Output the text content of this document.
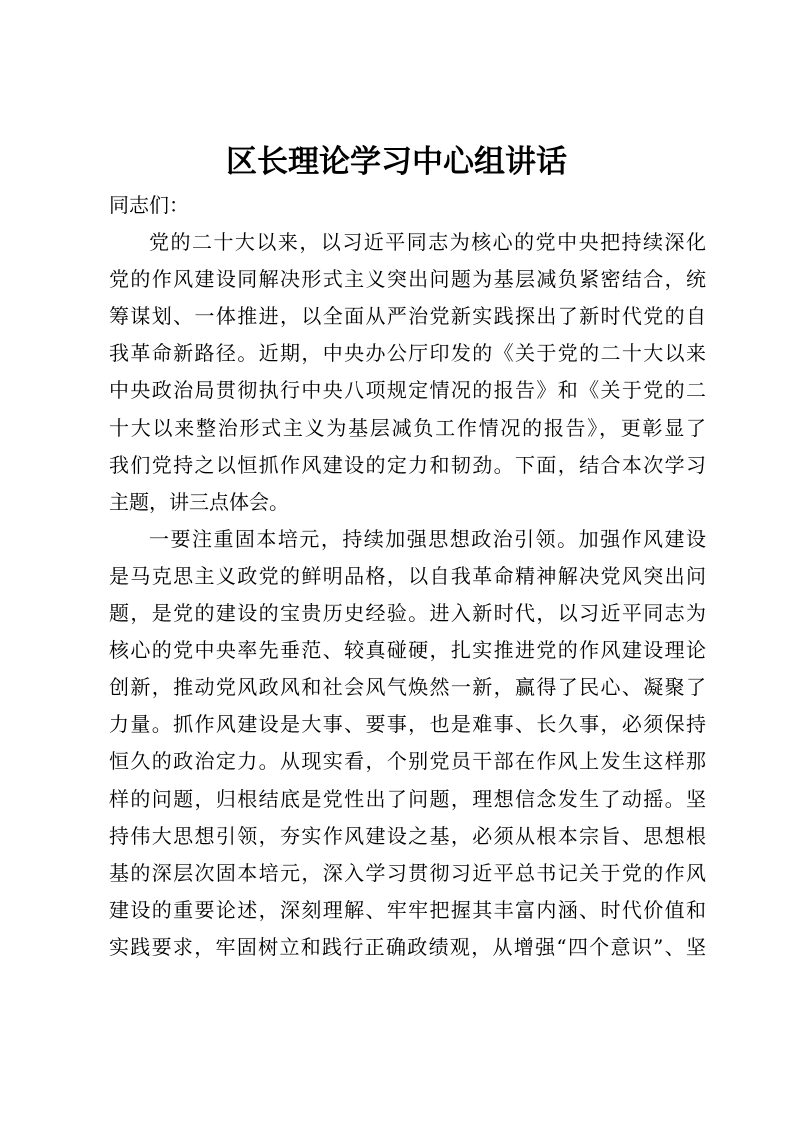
区长理论学习中心组讲话
同志们：
党的二十大以来，以习近平同志为核心的党中央把持续深化
党的作风建设同解决形式主义突出问题为基层减负紧密结合，统
筹谋划、一体推进，以全面从严治党新实践探出了新时代党的自
我革命新路径。近期，中央办公厅印发的《关于党的二十大以来
中央政治局贯彻执行中央八项规定情况的报告》和《关于党的二
十大以来整治形式主义为基层减负工作情况的报告》，更彰显了
我们党持之以恒抓作风建设的定力和韧劲。下面，结合本次学习
主题，讲三点体会。
一要注重固本培元，持续加强思想政治引领。加强作风建设
是马克思主义政党的鲜明品格，以自我革命精神解决党风突出问
题，是党的建设的宝贵历史经验。进入新时代，以习近平同志为
核心的党中央率先垂范、较真碰硬，扎实推进党的作风建设理论
创新，推动党风政风和社会风气焕然一新，赢得了民心、凝聚了
力量。抓作风建设是大事、要事，也是难事、长久事，必须保持
恒久的政治定力。从现实看，个别党员干部在作风上发生这样那
样的问题，归根结底是党性出了问题，理想信念发生了动摇。坚
持伟大思想引领，夯实作风建设之基，必须从根本宗旨、思想根
基的深层次固本培元，深入学习贯彻习近平总书记关于党的作风
建设的重要论述，深刻理解、牢牢把握其丰富内涵、时代价值和
实践要求，牢固树立和践行正确政绩观，从增强“四个意识”、坚
